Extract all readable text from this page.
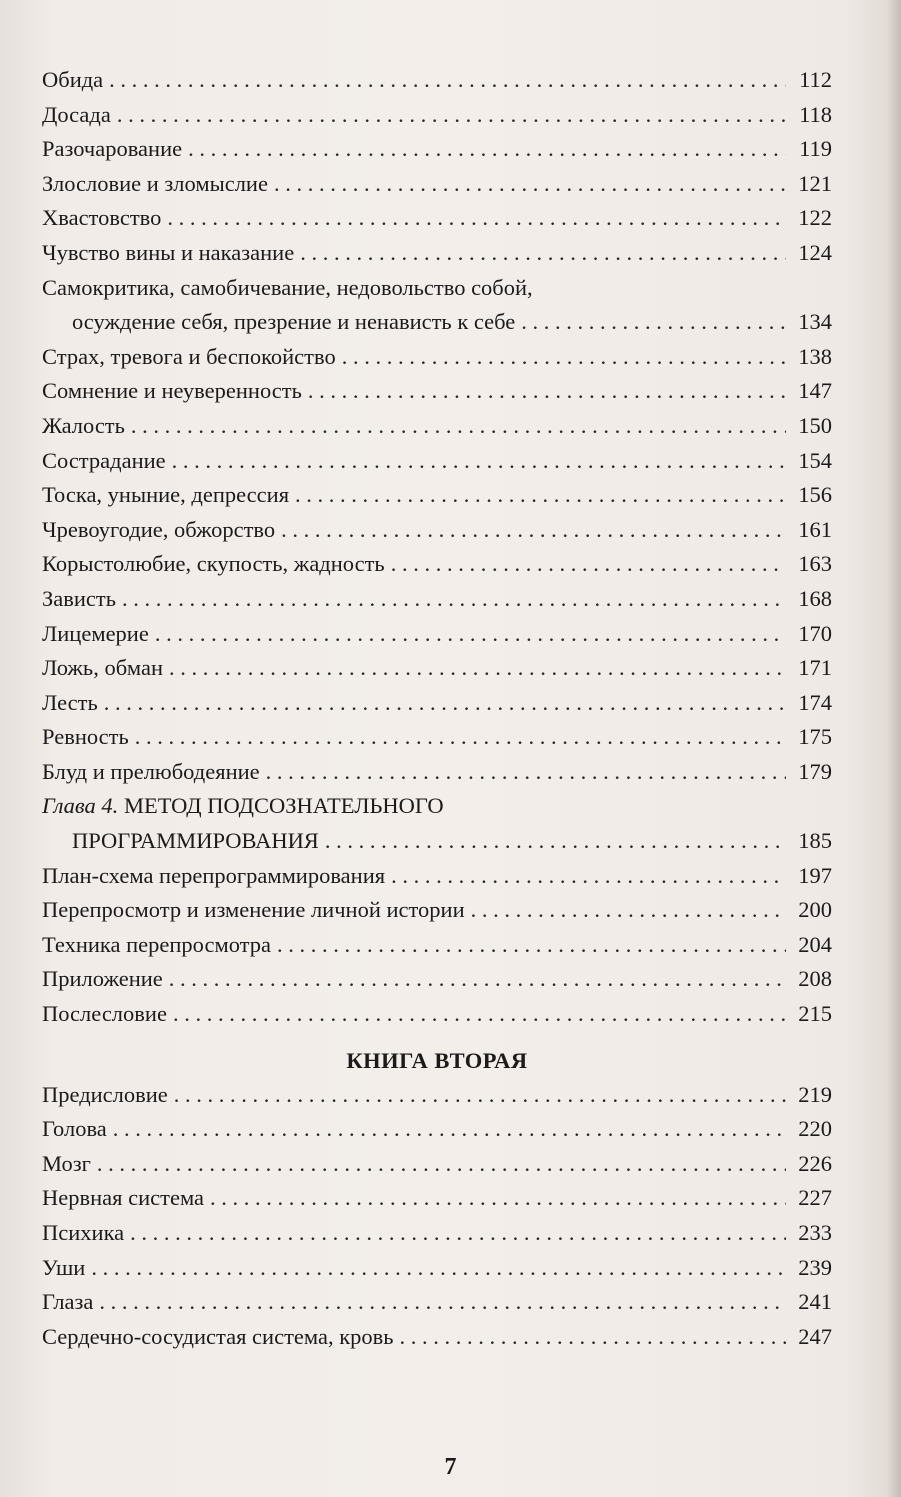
Обида . . .	112
Досада . . .	118
Разочарование . . .	119
Злословие и зломыслие . . .	121
Хвастовство . . .	122
Чувство вины и наказание . . .	124
Самокритика, самобичевание, недовольство собой,
осуждение себя, презрение и ненависть к себе . . .	134
Страх, тревога и беспокойство . . .	138
Сомнение и неуверенность . . .	147
Жалость . . .	150
Сострадание . . .	154
Тоска, уныние, депрессия . . .	156
Чревоугодие, обжорство . . .	161
Корыстолюбие, скупость, жадность . . .	163
Зависть . . .	168
Лицемерие . . .	170
Ложь, обман . . .	171
Лесть . . .	174
Ревность . . .	175
Блуд и прелюбодеяние . . .	179
Глава 4. МЕТОД ПОДСОЗНАТЕЛЬНОГО
ПРОГРАММИРОВАНИЯ . . .	185
План-схема перепрограммирования . . .	197
Перепросмотр и изменение личной истории . . .	200
Техника перепросмотра . . .	204
Приложение . . .	208
Послесловие . . .	215
КНИГА ВТОРАЯ
Предисловие . . .	219
Голова . . .	220
Мозг . . .	226
Нервная система . . .	227
Психика . . .	233
Уши . . .	239
Глаза . . .	241
Сердечно-сосудистая система, кровь . . .	247
7
